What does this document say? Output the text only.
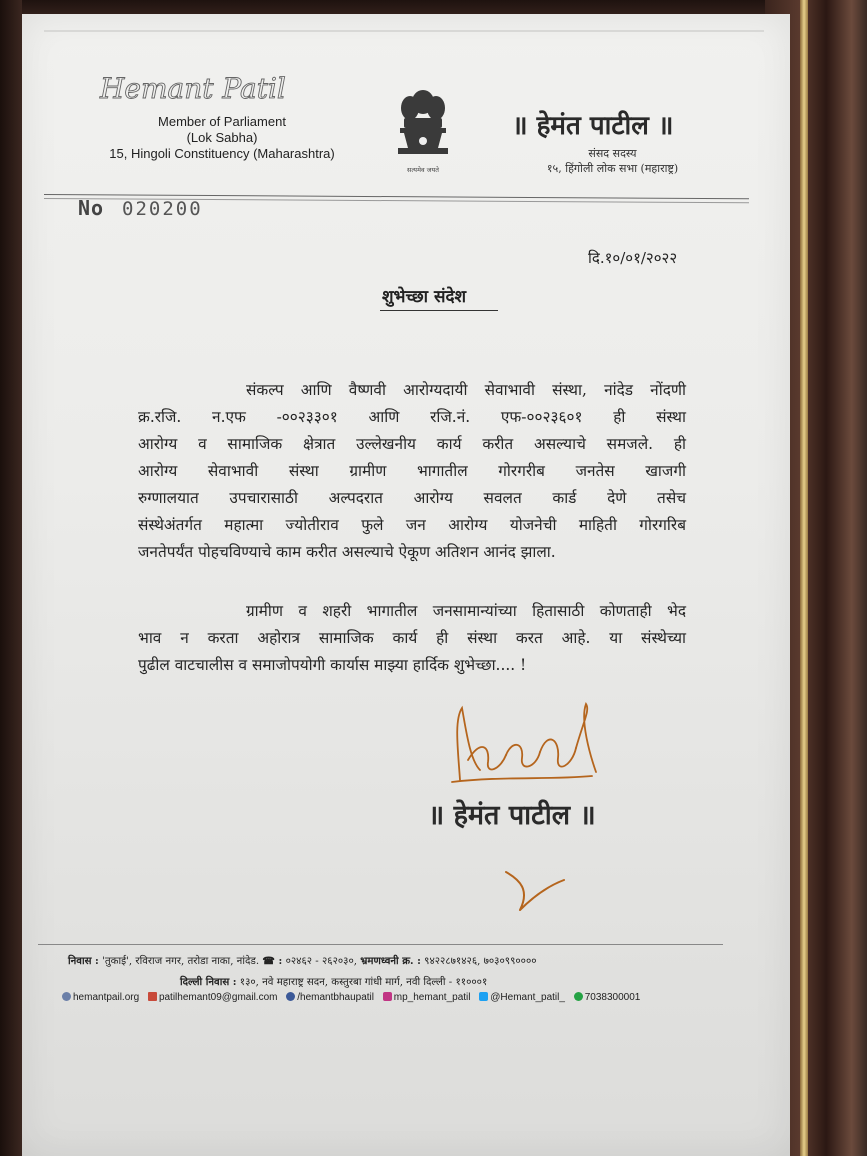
Hemant Patil
Member of Parliament
(Lok Sabha)
15, Hingoli Constituency (Maharashtra)
सत्यमेव जयते
॥ हेमंत पाटील ॥
संसद सदस्य
१५, हिंगोली लोक सभा (महाराष्ट्र)
No 020200
दि.१०/०१/२०२२
शुभेच्छा संदेश
संकल्प आणि वैष्णवी आरोग्यदायी सेवाभावी संस्था, नांदेड नोंदणी
क्र.रजि. न.एफ -००२३३०१ आणि रजि.नं. एफ-००२३६०१ ही संस्था
आरोग्य व सामाजिक क्षेत्रात उल्लेखनीय कार्य करीत असल्याचे समजले. ही
आरोग्य सेवाभावी संस्था ग्रामीण भागातील गोरगरीब जनतेस खाजगी
रुग्णालयात उपचारासाठी अल्पदरात आरोग्य सवलत कार्ड देणे तसेच
संस्थेअंतर्गत महात्मा ज्योतीराव फुले जन आरोग्य योजनेची माहिती गोरगरिब
जनतेपर्यंत पोहचविण्याचे काम करीत असल्याचे ऐकूण अतिशन आनंद झाला.
ग्रामीण व शहरी भागातील जनसामान्यांच्या हितासाठी कोणताही भेद
भाव न करता अहोरात्र सामाजिक कार्य ही संस्था करत आहे. या संस्थेच्या
पुढील वाटचालीस व समाजोपयोगी कार्यास माझ्या हार्दिक शुभेच्छा.... !
॥ हेमंत पाटील ॥
निवास : 'तुकाई', रविराज नगर, तरोडा नाका, नांदेड. ☎ : ०२४६२ - २६२०३०, भ्रमणध्वनी क्र. : ९४२२८७१४२६, ७०३०९९००००
दिल्ली निवास : १३०, नवे महाराष्ट्र सदन, कस्तुरबा गांधी मार्ग, नवी दिल्ली - ११०००१
hemantpail.org patilhemant09@gmail.com /hemantbhaupatil mp_hemant_patil @Hemant_patil_ 7038300001
